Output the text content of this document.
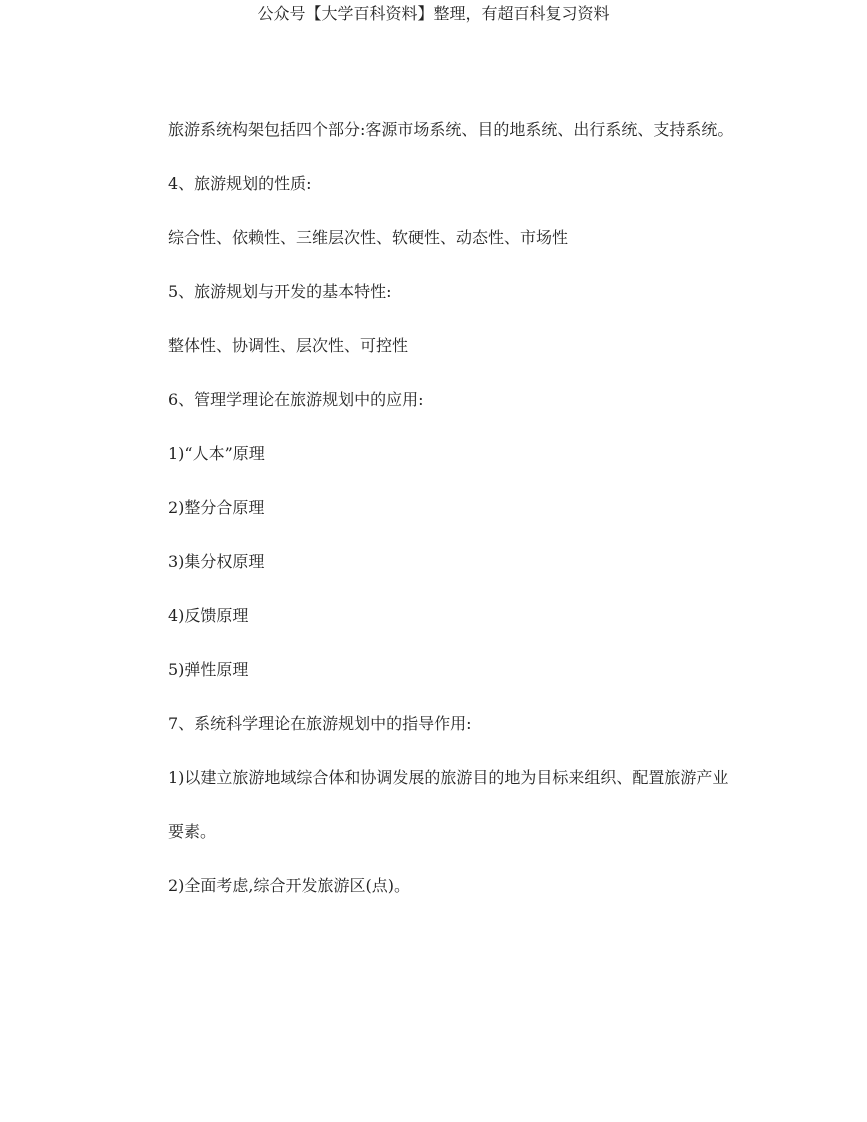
公众号【大学百科资料】整理，有超百科复习资料

旅游系统构架包括四个部分:客源市场系统、目的地系统、出行系统、支持系统。

4、旅游规划的性质:

综合性、依赖性、三维层次性、软硬性、动态性、市场性

5、旅游规划与开发的基本特性:

整体性、协调性、层次性、可控性

6、管理学理论在旅游规划中的应用:

1)“人本”原理

2)整分合原理

3)集分权原理

4)反馈原理

5)弹性原理

7、系统科学理论在旅游规划中的指导作用:

1)以建立旅游地域综合体和协调发展的旅游目的地为目标来组织、配置旅游产业

要素。

2)全面考虑,综合开发旅游区(点)。
